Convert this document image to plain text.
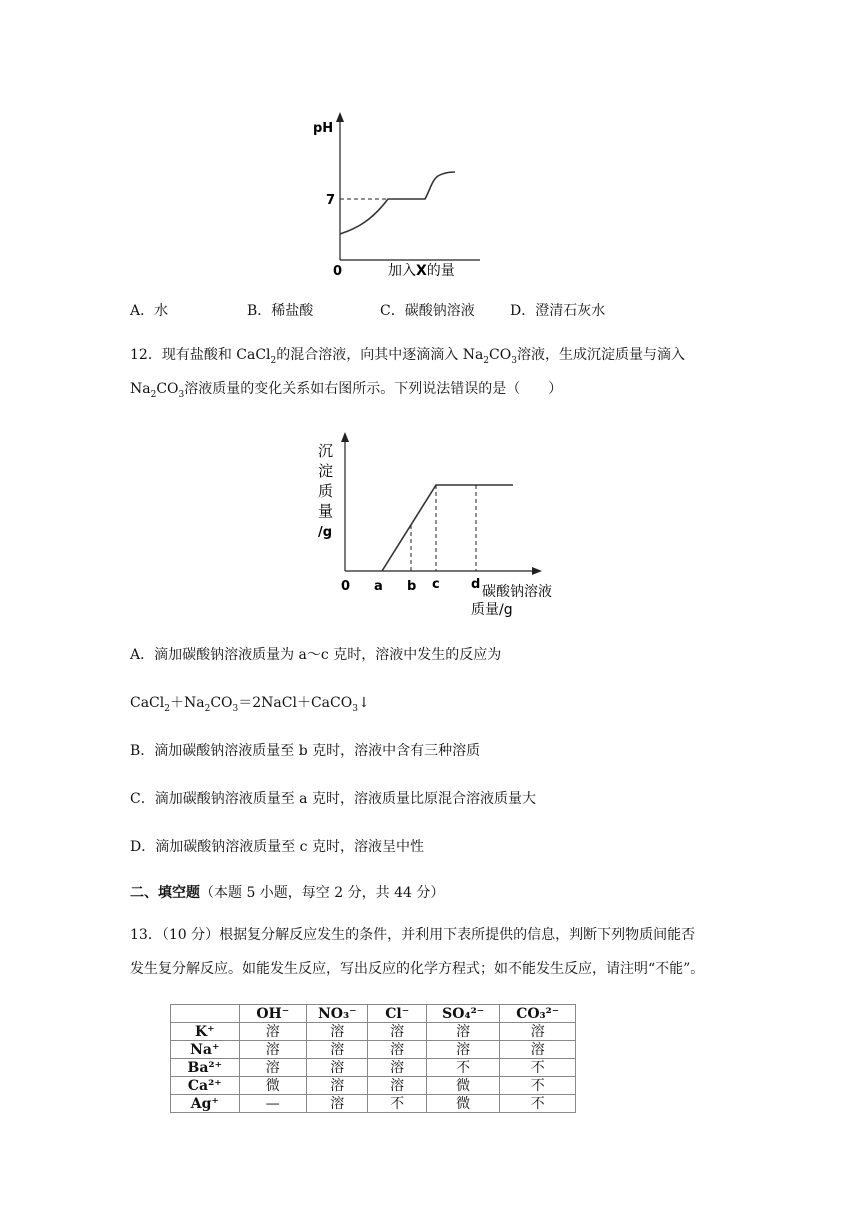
pH
7
0	加入X的量
A．水	B．稀盐酸	C．碳酸钠溶液	D．澄清石灰水
12．现有盐酸和 CaCl$_2$的混合溶液，向其中逐滴滴入 $Na_2CO_3$溶液，生成沉淀质量与滴入
$Na_2CO_3$溶液质量的变化关系如右图所示。下列说法错误的是（　　）
沉
淀
质
量
/g
0 a b c d 碳酸钠溶液
质量/g
A．滴加碳酸钠溶液质量为 a～c 克时，溶液中发生的反应为
$CaCl_2+Na_2CO_3=2NaCl+CaCO_3↓$
B．滴加碳酸钠溶液质量至 b 克时，溶液中含有三种溶质
C．滴加碳酸钠溶液质量至 a 克时，溶液质量比原混合溶液质量大
D．滴加碳酸钠溶液质量至 c 克时，溶液呈中性
二、填空题（本题 5 小题，每空 2 分，共 44 分）
13．（10 分）根据复分解反应发生的条件，并利用下表所提供的信息，判断下列物质间能否
发生复分解反应。如能发生反应，写出反应的化学方程式；如不能发生反应，请注明“不能”。
	OH⁻	NO₃⁻	Cl⁻	SO₄²⁻	CO₃²⁻
K⁺	溶	溶	溶	溶	溶
Na⁺	溶	溶	溶	溶	溶
Ba²⁺	溶	溶	溶	不	不
Ca²⁺	微	溶	溶	微	不
Ag⁺	—	溶	不	微	不
